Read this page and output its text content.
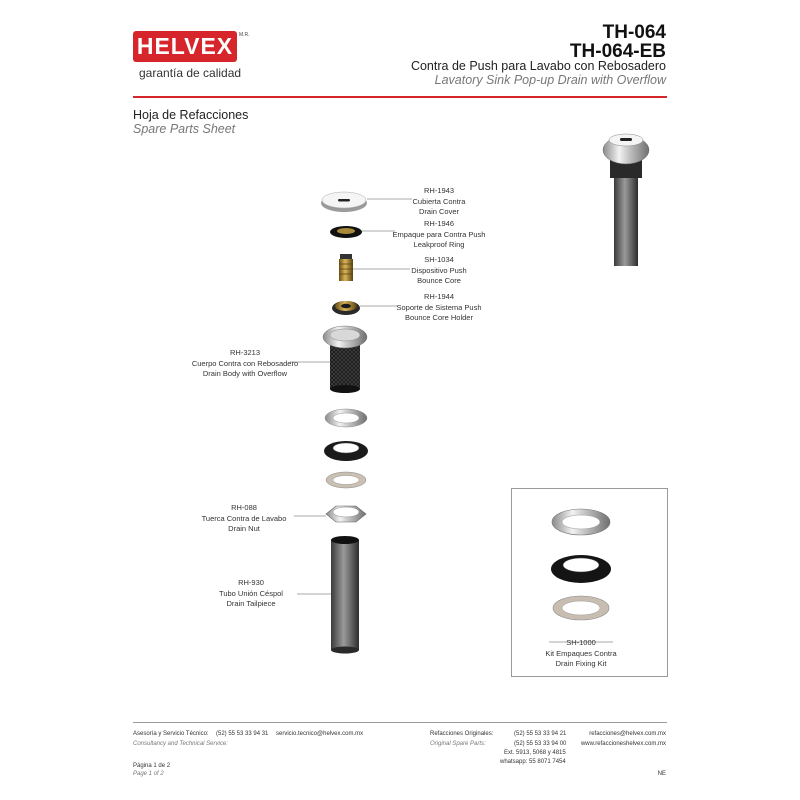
HELVEX	M.R.
garantía de calidad
TH-064
TH-064-EB
Contra de Push para Lavabo con Rebosadero
Lavatory Sink Pop-up Drain with Overflow
Hoja de Refacciones
Spare Parts Sheet
RH-1943
Cubierta Contra
Drain Cover
RH-1946
Empaque para Contra Push
Leakproof Ring
SH-1034
Dispositivo Push
Bounce Core
RH-1944
Soporte de Sistema Push
Bounce Core Holder
RH-3213
Cuerpo Contra con Rebosadero
Drain Body with Overflow
RH-088
Tuerca Contra de Lavabo
Drain Nut
RH-930
Tubo Unión Céspol
Drain Tailpiece
SH-1000
Kit Empaques Contra
Drain Fixing Kit
Asesoría y Servicio Técnico:
Consultancy and Technical Service:
(52) 55 53 33 94 31 servicio.tecnico@helvex.com.mx	Refacciones Originales:
Original Spare Parts:
(52) 55 53 33 94 21
(52) 55 53 33 94 00
Ext. 5913, 5068 y 4815
whatsapp: 55 8071 7454
refacciones@helvex.com.mx
www.refaccioneshelvex.com.mx
Página 1 de 2
Page 1 of 2	NE
